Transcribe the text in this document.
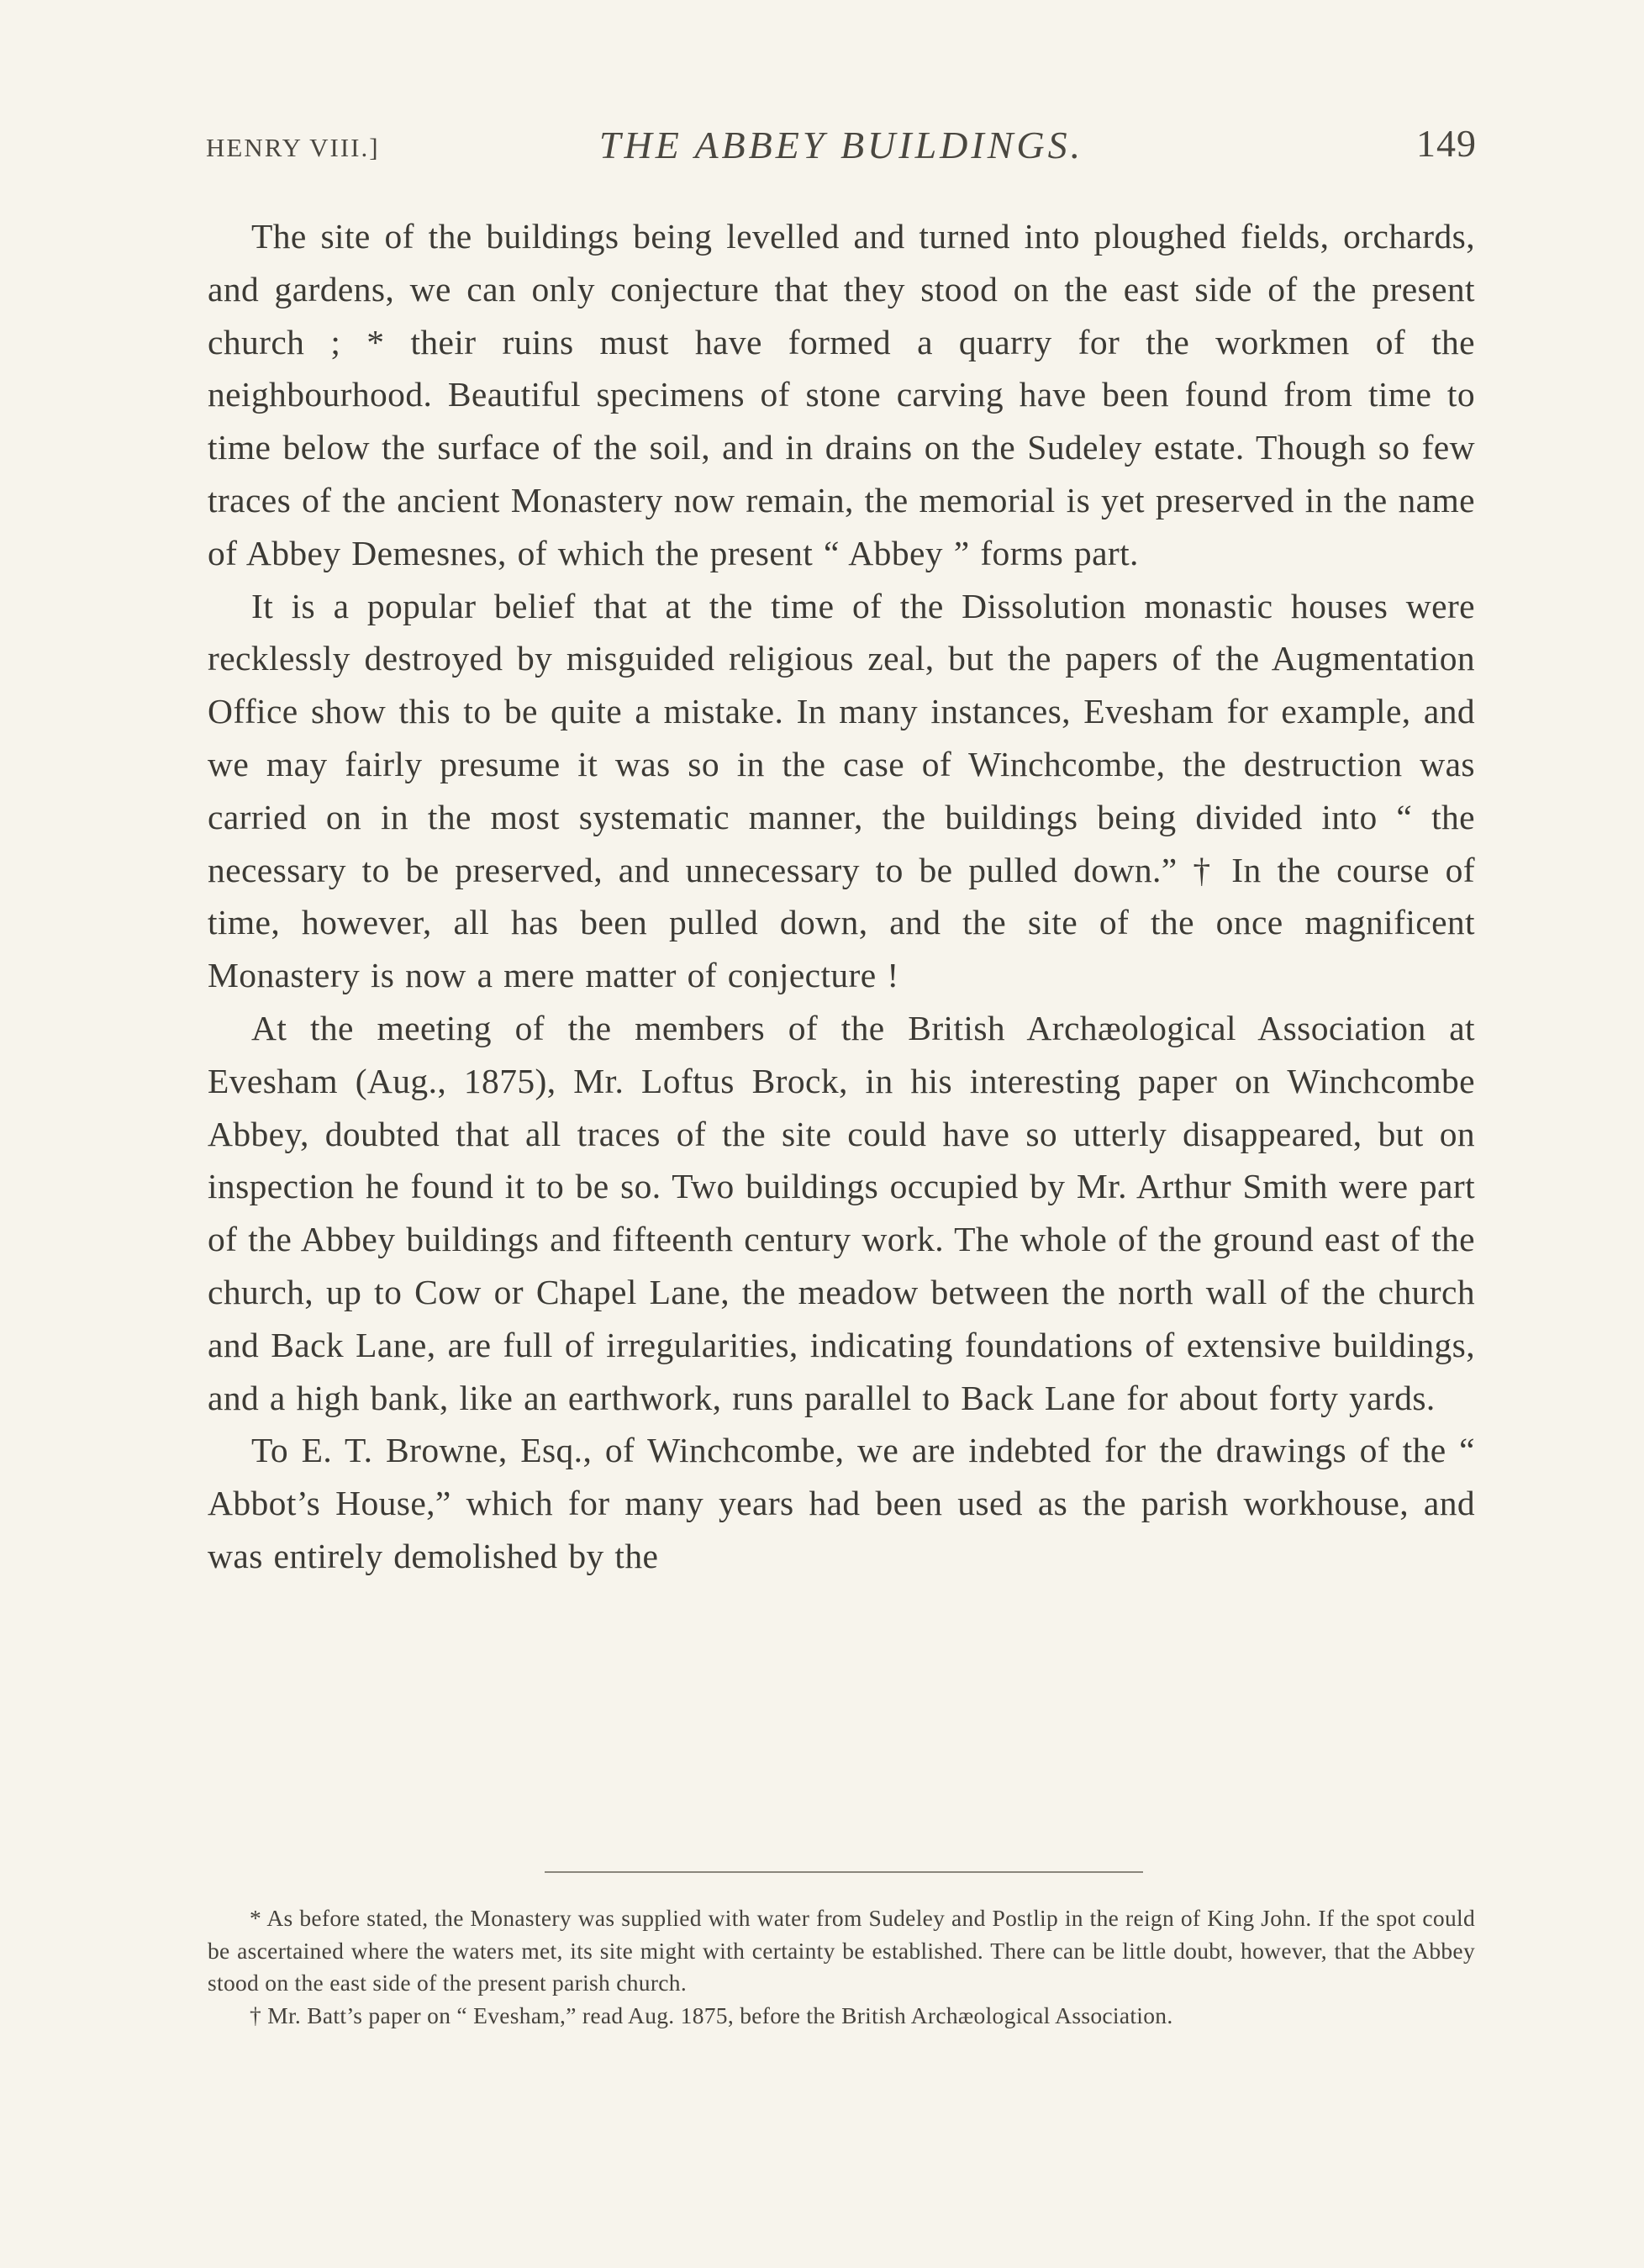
HENRY VIII.]	THE ABBEY BUILDINGS.	149

The site of the buildings being levelled and turned into ploughed fields, orchards, and gardens, we can only conjecture that they stood on the east side of the present church ; * their ruins must have formed a quarry for the workmen of the neighbourhood. Beautiful specimens of stone carving have been found from time to time below the surface of the soil, and in drains on the Sudeley estate. Though so few traces of the ancient Monastery now remain, the memorial is yet preserved in the name of Abbey Demesnes, of which the present “ Abbey ” forms part.

It is a popular belief that at the time of the Dissolution monastic houses were recklessly destroyed by misguided religious zeal, but the papers of the Augmentation Office show this to be quite a mistake. In many instances, Evesham for example, and we may fairly presume it was so in the case of Winchcombe, the destruction was carried on in the most systematic manner, the buildings being divided into “ the necessary to be preserved, and unnecessary to be pulled down.” † In the course of time, however, all has been pulled down, and the site of the once magnificent Monastery is now a mere matter of conjecture !

At the meeting of the members of the British Archæological Association at Evesham (Aug., 1875), Mr. Loftus Brock, in his interesting paper on Winchcombe Abbey, doubted that all traces of the site could have so utterly disappeared, but on inspection he found it to be so. Two buildings occupied by Mr. Arthur Smith were part of the Abbey buildings and fifteenth century work. The whole of the ground east of the church, up to Cow or Chapel Lane, the meadow between the north wall of the church and Back Lane, are full of irregularities, indicating foundations of extensive buildings, and a high bank, like an earthwork, runs parallel to Back Lane for about forty yards.

To E. T. Browne, Esq., of Winchcombe, we are indebted for the drawings of the “ Abbot’s House,” which for many years had been used as the parish workhouse, and was entirely demolished by the

* As before stated, the Monastery was supplied with water from Sudeley and Postlip in the reign of King John. If the spot could be ascertained where the waters met, its site might with certainty be established. There can be little doubt, however, that the Abbey stood on the east side of the present parish church.

† Mr. Batt’s paper on “ Evesham,” read Aug. 1875, before the British Archæological Association.
